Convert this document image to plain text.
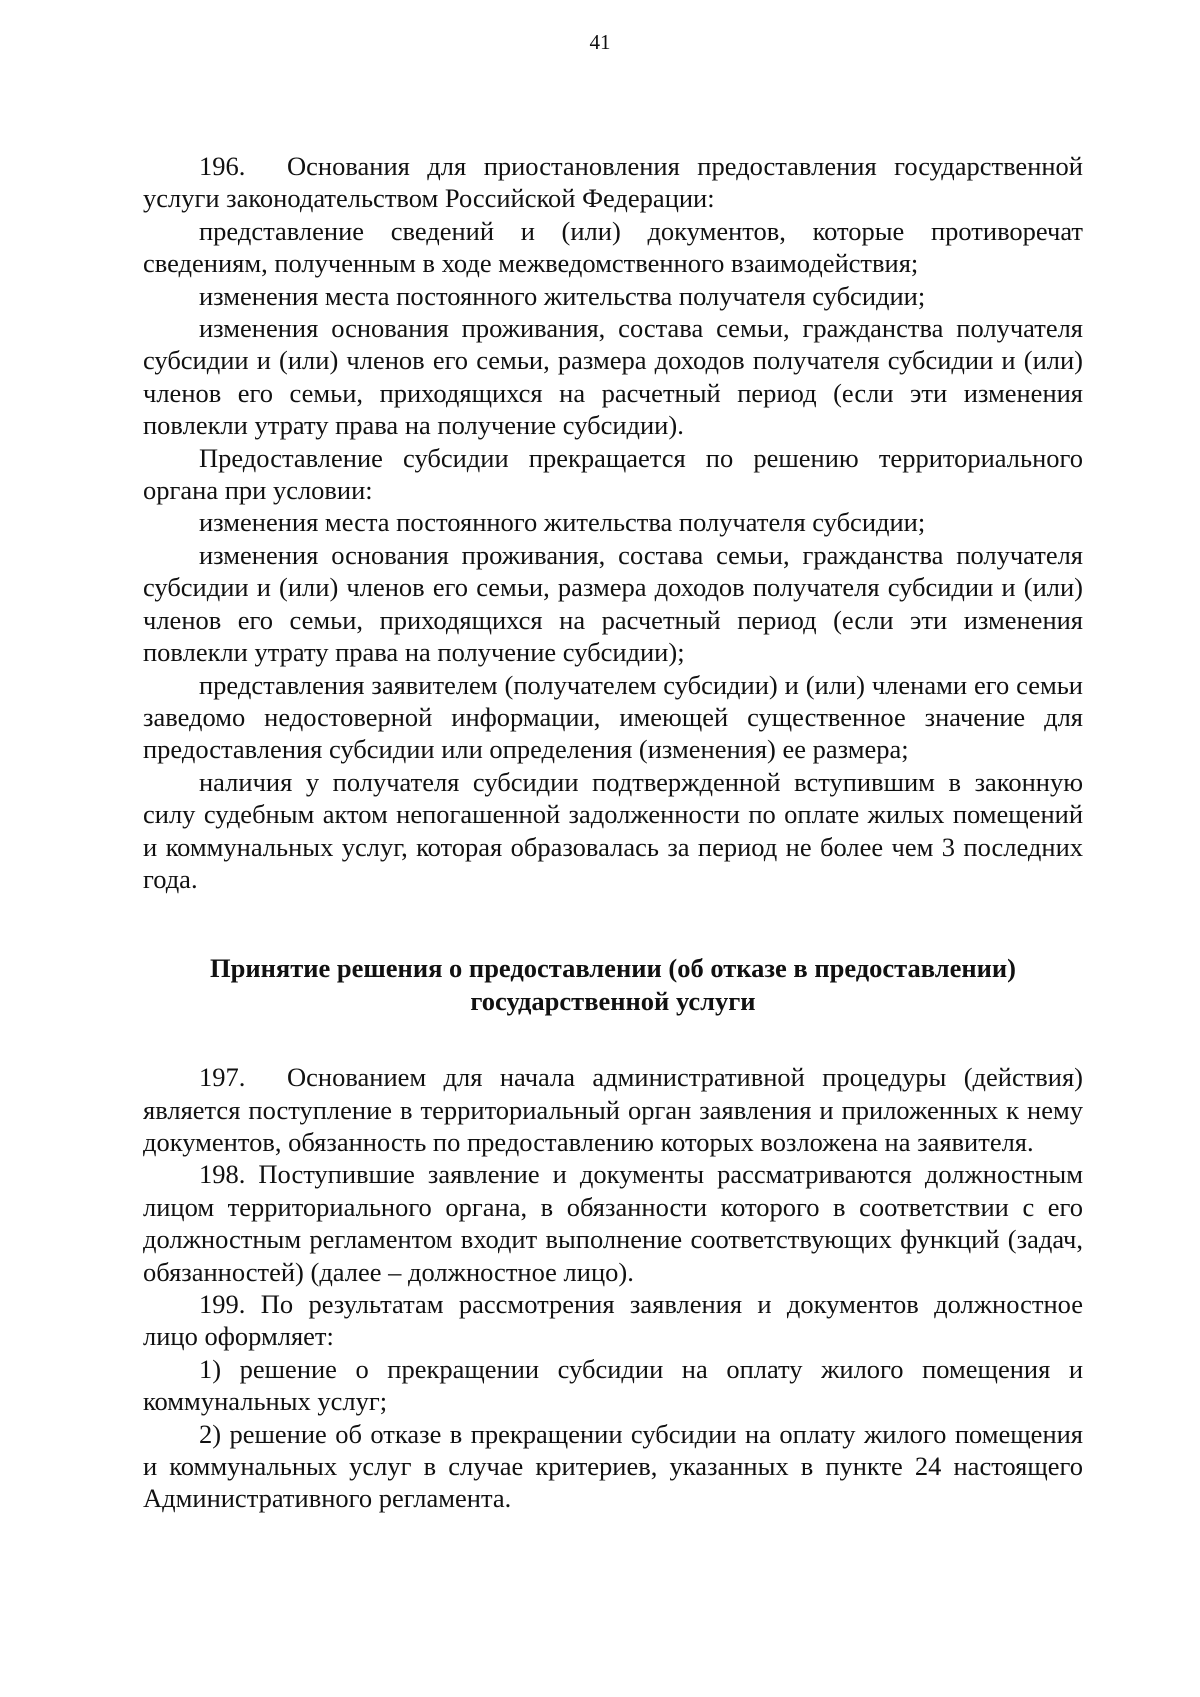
41

196. Основания для приостановления предоставления государственной услуги законодательством Российской Федерации:

представление сведений и (или) документов, которые противоречат сведениям, полученным в ходе межведомственного взаимодействия;

изменения места постоянного жительства получателя субсидии;

изменения основания проживания, состава семьи, гражданства получателя субсидии и (или) членов его семьи, размера доходов получателя субсидии и (или) членов его семьи, приходящихся на расчетный период (если эти изменения повлекли утрату права на получение субсидии).

Предоставление субсидии прекращается по решению территориального органа при условии:

изменения места постоянного жительства получателя субсидии;

изменения основания проживания, состава семьи, гражданства получателя субсидии и (или) членов его семьи, размера доходов получателя субсидии и (или) членов его семьи, приходящихся на расчетный период (если эти изменения повлекли утрату права на получение субсидии);

представления заявителем (получателем субсидии) и (или) членами его семьи заведомо недостоверной информации, имеющей существенное значение для предоставления субсидии или определения (изменения) ее размера;

наличия у получателя субсидии подтвержденной вступившим в законную силу судебным актом непогашенной задолженности по оплате жилых помещений и коммунальных услуг, которая образовалась за период не более чем 3 последних года.

Принятие решения о предоставлении (об отказе в предоставлении)
государственной услуги

197. Основанием для начала административной процедуры (действия) является поступление в территориальный орган заявления и приложенных к нему документов, обязанность по предоставлению которых возложена на заявителя.

198. Поступившие заявление и документы рассматриваются должностным лицом территориального органа, в обязанности которого в соответствии с его должностным регламентом входит выполнение соответствующих функций (задач, обязанностей) (далее – должностное лицо).

199. По результатам рассмотрения заявления и документов должностное лицо оформляет:

1) решение о прекращении субсидии на оплату жилого помещения и коммунальных услуг;

2) решение об отказе в прекращении субсидии на оплату жилого помещения и коммунальных услуг в случае критериев, указанных в пункте 24 настоящего Административного регламента.
